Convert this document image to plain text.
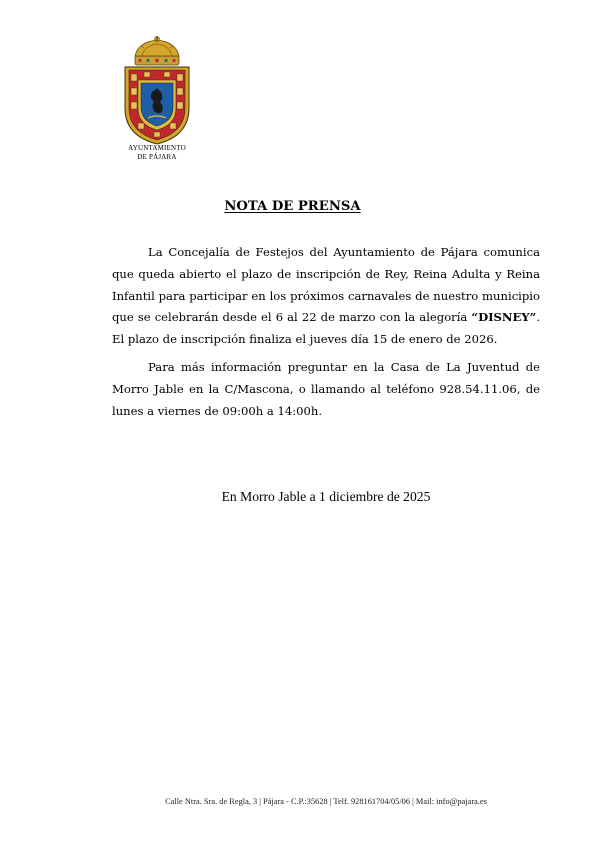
AYUNTAMIENTO
DE PÁJARA
NOTA DE PRENSA

La Concejalía de Festejos del Ayuntamiento de Pájara comunica que queda abierto el plazo de inscripción de Rey, Reina Adulta y Reina Infantil para participar en los próximos carnavales de nuestro municipio que se celebrarán desde el 6 al 22 de marzo con la alegoría “DISNEY”. El plazo de inscripción finaliza el jueves día 15 de enero de 2026.

Para más información preguntar en la Casa de La Juventud de Morro Jable en la C/Mascona, o llamando al teléfono 928.54.11.06, de lunes a viernes de 09:00h a 14:00h.

En Morro Jable a 1 diciembre de 2025
Calle Ntra. Sra. de Regla, 3 | Pájara - C.P.:35628 | Telf. 928161704/05/06 | Mail: info@pajara.es
